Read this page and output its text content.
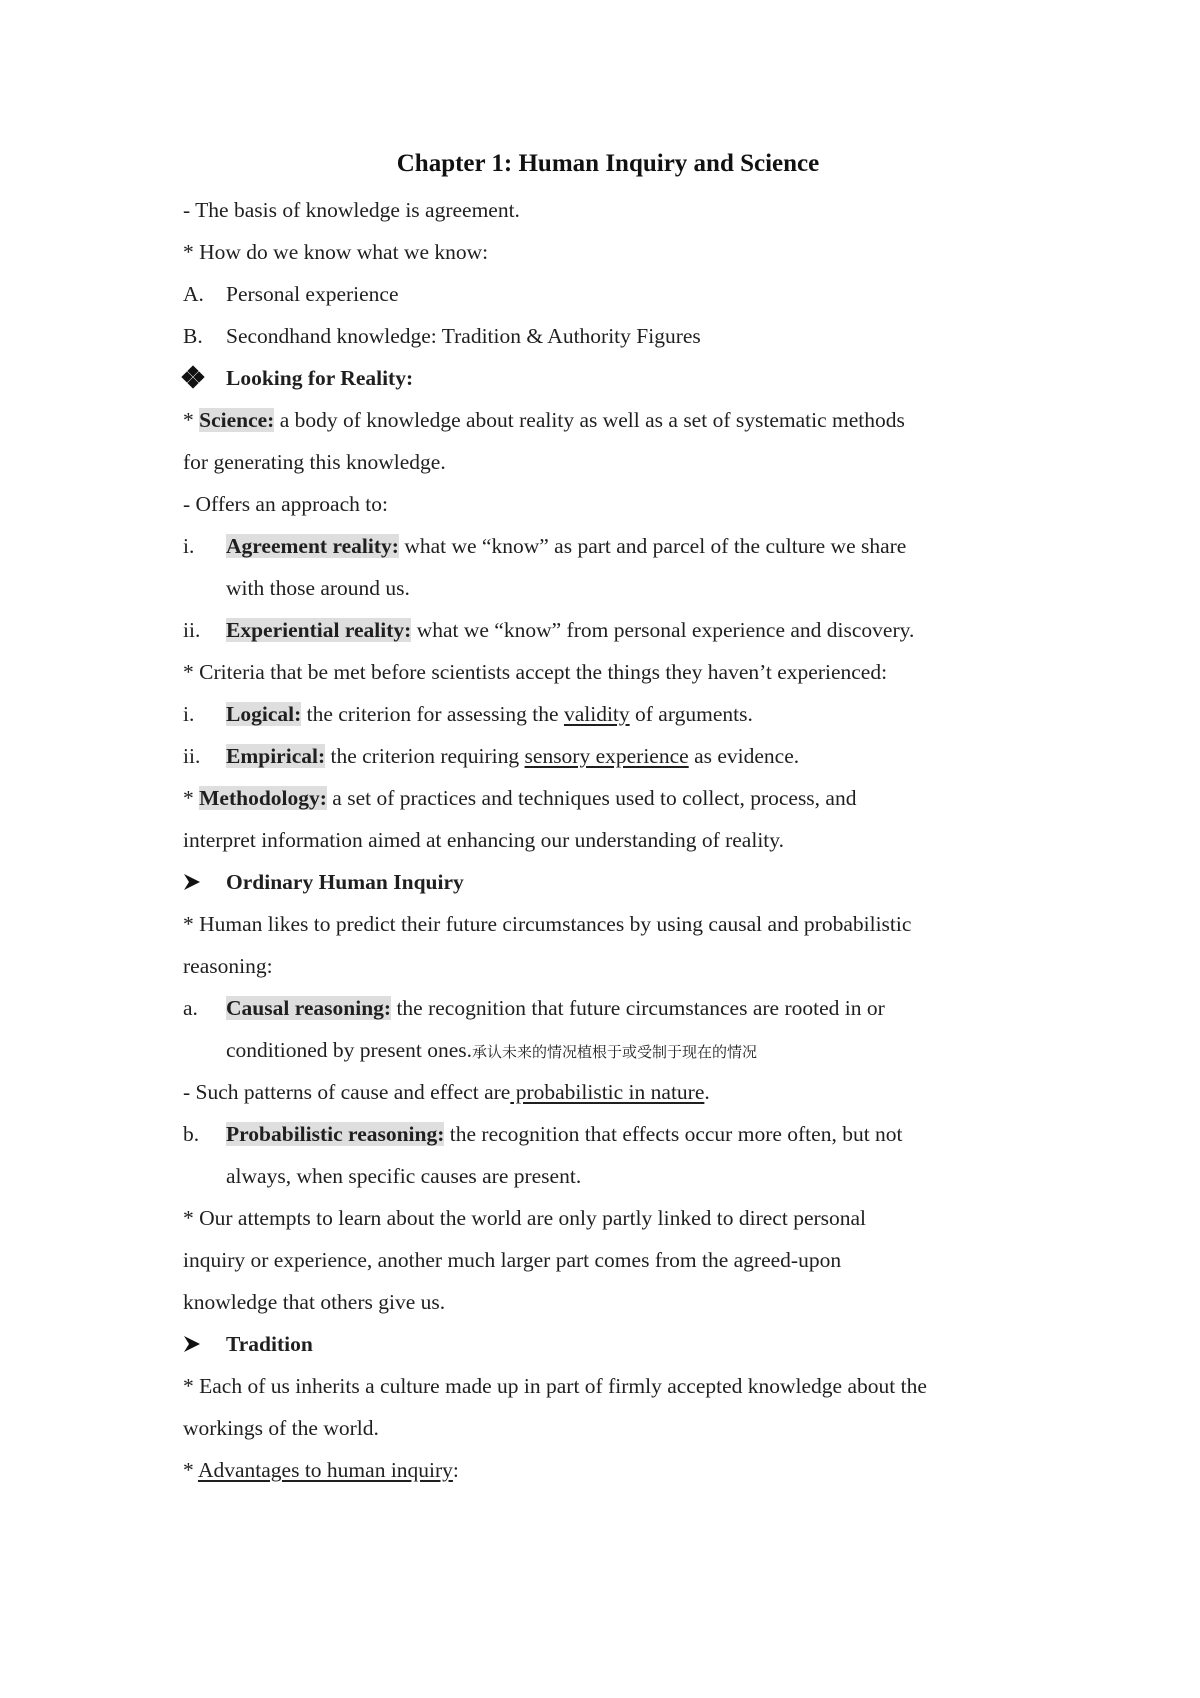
Chapter 1: Human Inquiry and Science
- The basis of knowledge is agreement.
* How do we know what we know:
A.	Personal experience
B.	Secondhand knowledge: Tradition & Authority Figures
Looking for Reality:
* Science: a body of knowledge about reality as well as a set of systematic methods
for generating this knowledge.
- Offers an approach to:
i.	Agreement reality: what we “know” as part and parcel of the culture we share
with those around us.
ii.	Experiential reality: what we “know” from personal experience and discovery.
* Criteria that be met before scientists accept the things they haven’t experienced:
i.	Logical: the criterion for assessing the validity of arguments.
ii.	Empirical: the criterion requiring sensory experience as evidence.
* Methodology: a set of practices and techniques used to collect, process, and
interpret information aimed at enhancing our understanding of reality.
Ordinary Human Inquiry
* Human likes to predict their future circumstances by using causal and probabilistic
reasoning:
a.	Causal reasoning: the recognition that future circumstances are rooted in or
conditioned by present ones.承认未来的情况植根于或受制于现在的情况
- Such patterns of cause and effect are probabilistic in nature.
b.	Probabilistic reasoning: the recognition that effects occur more often, but not
always, when specific causes are present.
* Our attempts to learn about the world are only partly linked to direct personal
inquiry or experience, another much larger part comes from the agreed-upon
knowledge that others give us.
Tradition
* Each of us inherits a culture made up in part of firmly accepted knowledge about the
workings of the world.
* Advantages to human inquiry:
